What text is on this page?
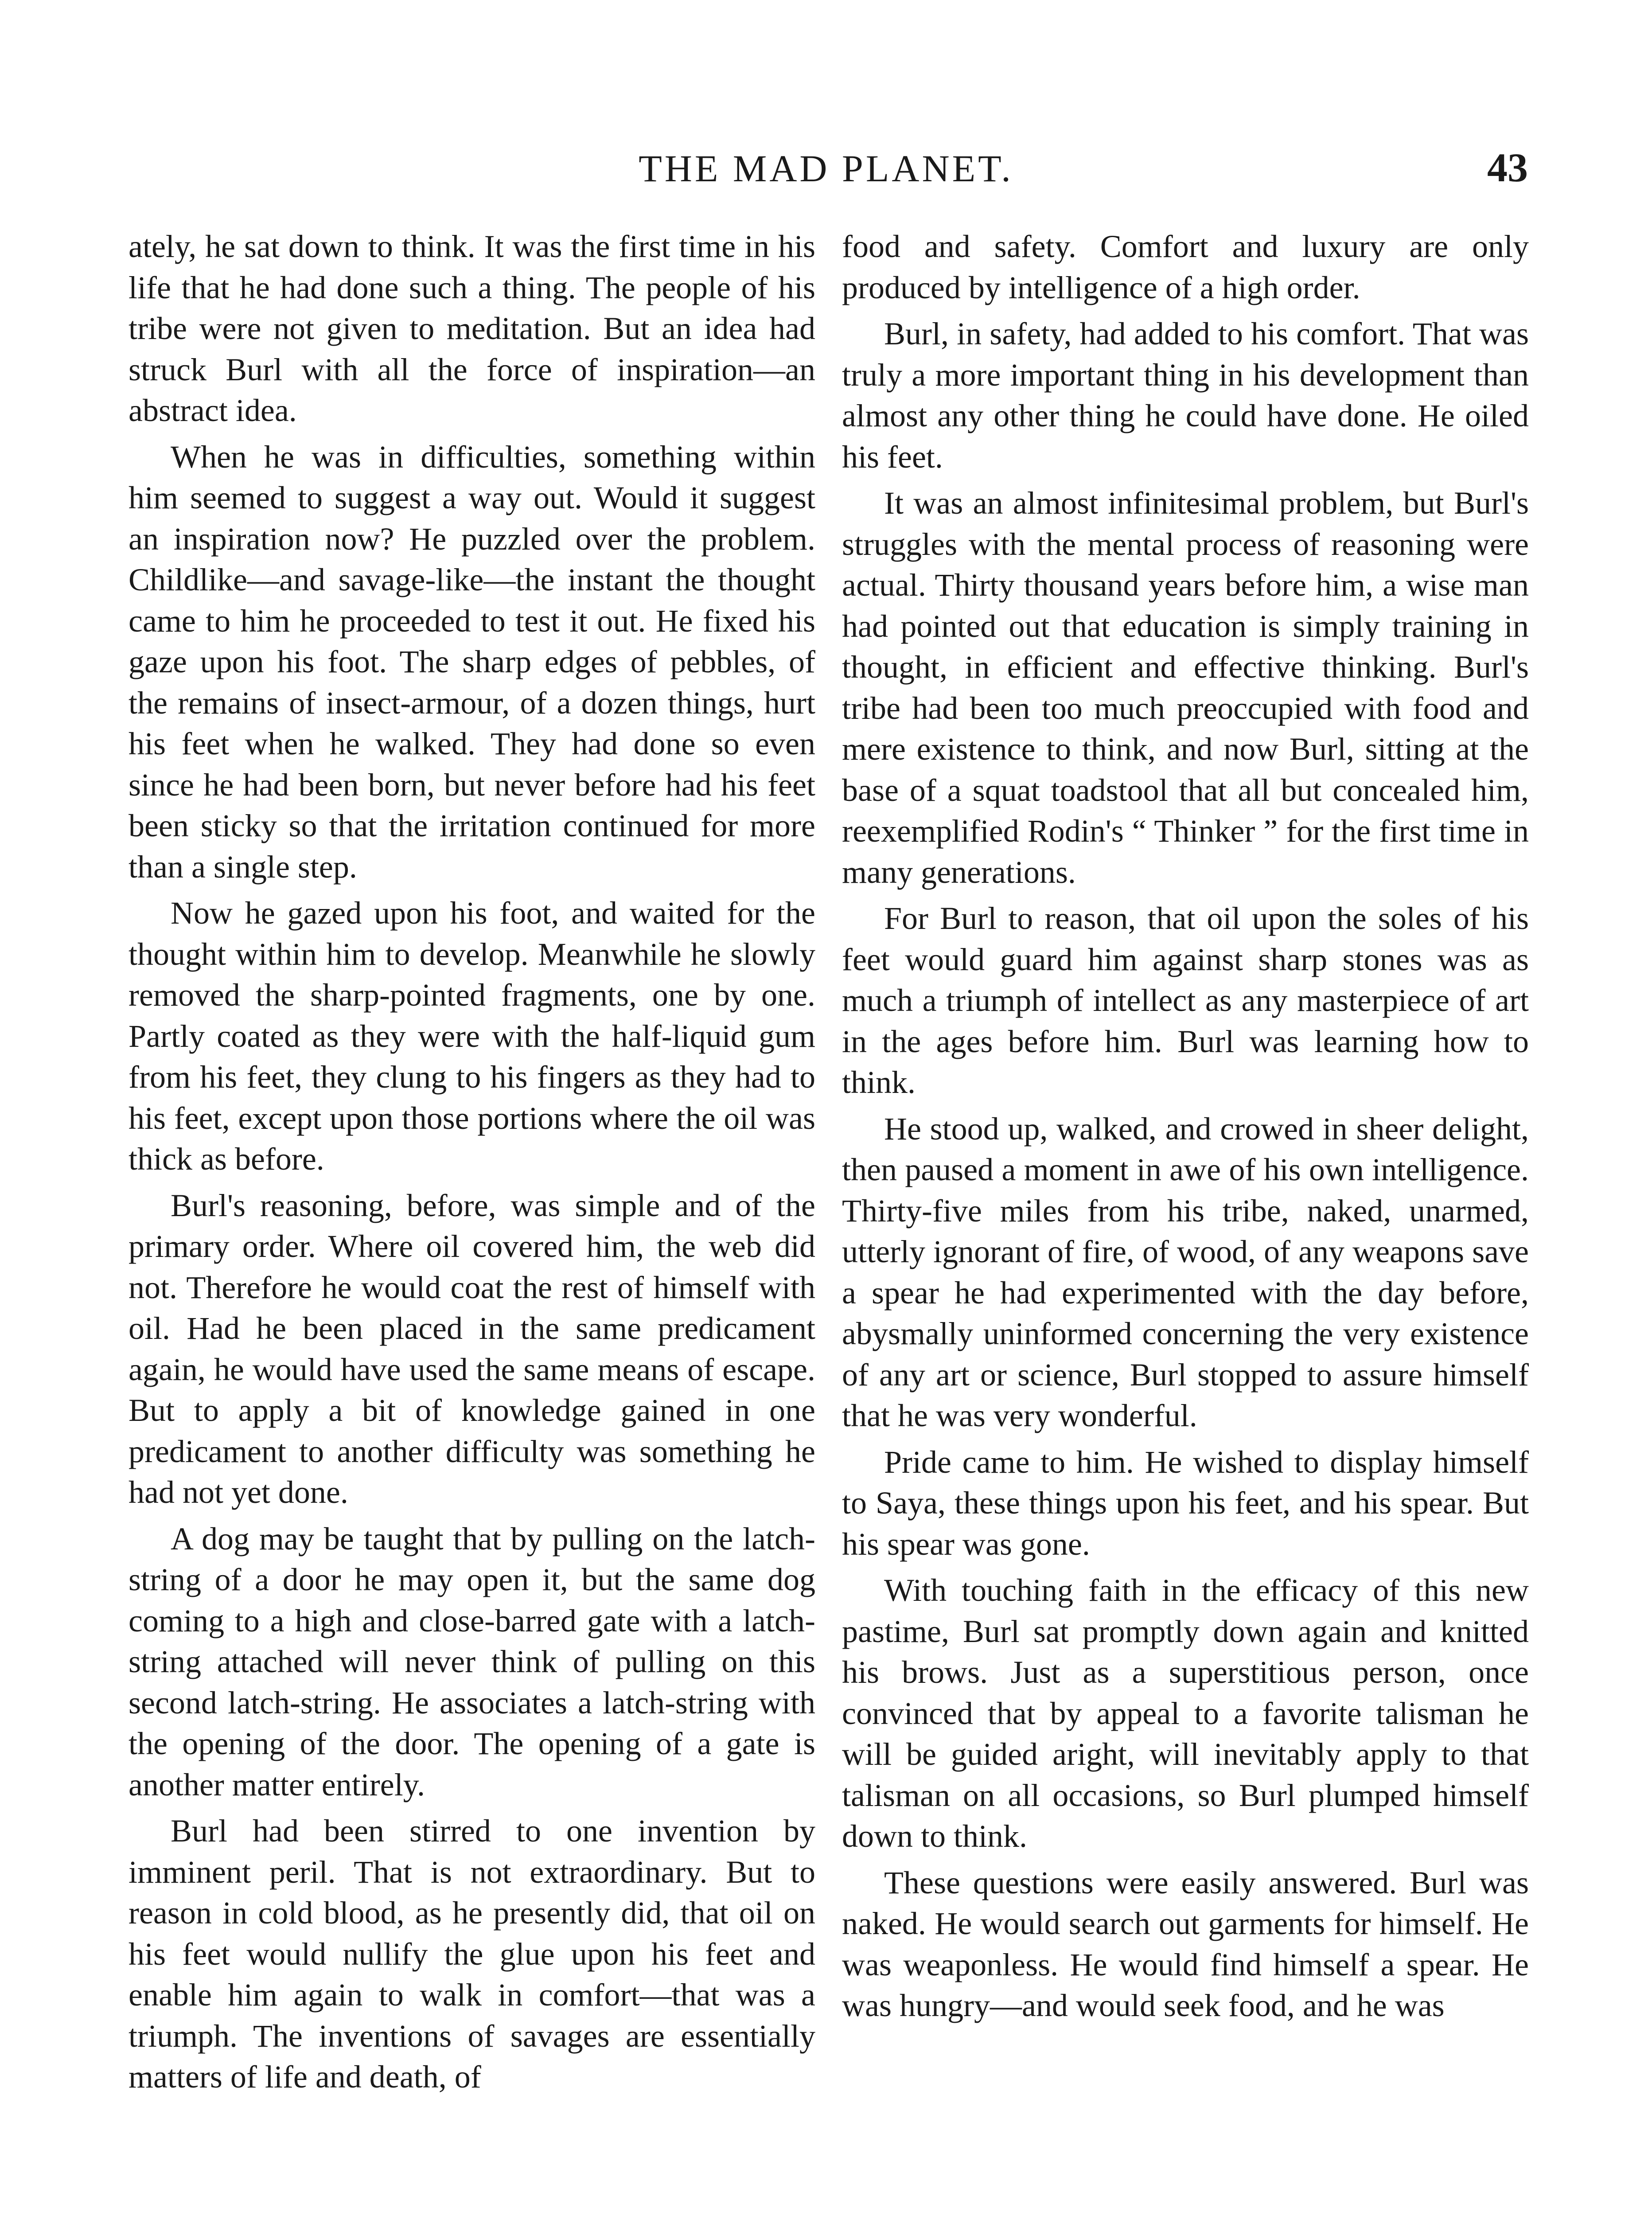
THE MAD PLANET.	43

ately, he sat down to think. It was the first time in his life that he had done such a thing. The people of his tribe were not given to meditation. But an idea had struck Burl with all the force of inspiration—an abstract idea.

When he was in difficulties, something within him seemed to suggest a way out. Would it suggest an inspiration now? He puzzled over the problem. Childlike—and savage-like—the instant the thought came to him he proceeded to test it out. He fixed his gaze upon his foot. The sharp edges of pebbles, of the remains of insect-armour, of a dozen things, hurt his feet when he walked. They had done so even since he had been born, but never before had his feet been sticky so that the irritation continued for more than a single step.

Now he gazed upon his foot, and waited for the thought within him to develop. Meanwhile he slowly removed the sharp-pointed fragments, one by one. Partly coated as they were with the half-liquid gum from his feet, they clung to his fingers as they had to his feet, except upon those portions where the oil was thick as before.

Burl's reasoning, before, was simple and of the primary order. Where oil covered him, the web did not. Therefore he would coat the rest of himself with oil. Had he been placed in the same predicament again, he would have used the same means of escape. But to apply a bit of knowledge gained in one predicament to another difficulty was something he had not yet done.

A dog may be taught that by pulling on the latch-string of a door he may open it, but the same dog coming to a high and close-barred gate with a latch-string attached will never think of pulling on this second latch-string. He associates a latch-string with the opening of the door. The opening of a gate is another matter entirely.

Burl had been stirred to one invention by imminent peril. That is not extraordinary. But to reason in cold blood, as he presently did, that oil on his feet would nullify the glue upon his feet and enable him again to walk in comfort—that was a triumph. The inventions of savages are essentially matters of life and death, of

food and safety. Comfort and luxury are only produced by intelligence of a high order.

Burl, in safety, had added to his comfort. That was truly a more important thing in his development than almost any other thing he could have done. He oiled his feet.

It was an almost infinitesimal problem, but Burl's struggles with the mental process of reasoning were actual. Thirty thousand years before him, a wise man had pointed out that education is simply training in thought, in efficient and effective thinking. Burl's tribe had been too much preoccupied with food and mere existence to think, and now Burl, sitting at the base of a squat toadstool that all but concealed him, reexemplified Rodin's “ Thinker ” for the first time in many generations.

For Burl to reason, that oil upon the soles of his feet would guard him against sharp stones was as much a triumph of intellect as any masterpiece of art in the ages before him. Burl was learning how to think.

He stood up, walked, and crowed in sheer delight, then paused a moment in awe of his own intelligence. Thirty-five miles from his tribe, naked, unarmed, utterly ignorant of fire, of wood, of any weapons save a spear he had experimented with the day before, abysmally uninformed concerning the very existence of any art or science, Burl stopped to assure himself that he was very wonderful.

Pride came to him. He wished to display himself to Saya, these things upon his feet, and his spear. But his spear was gone.

With touching faith in the efficacy of this new pastime, Burl sat promptly down again and knitted his brows. Just as a superstitious person, once convinced that by appeal to a favorite talisman he will be guided aright, will inevitably apply to that talisman on all occasions, so Burl plumped himself down to think.

These questions were easily answered. Burl was naked. He would search out garments for himself. He was weaponless. He would find himself a spear. He was hungry—and would seek food, and he was
